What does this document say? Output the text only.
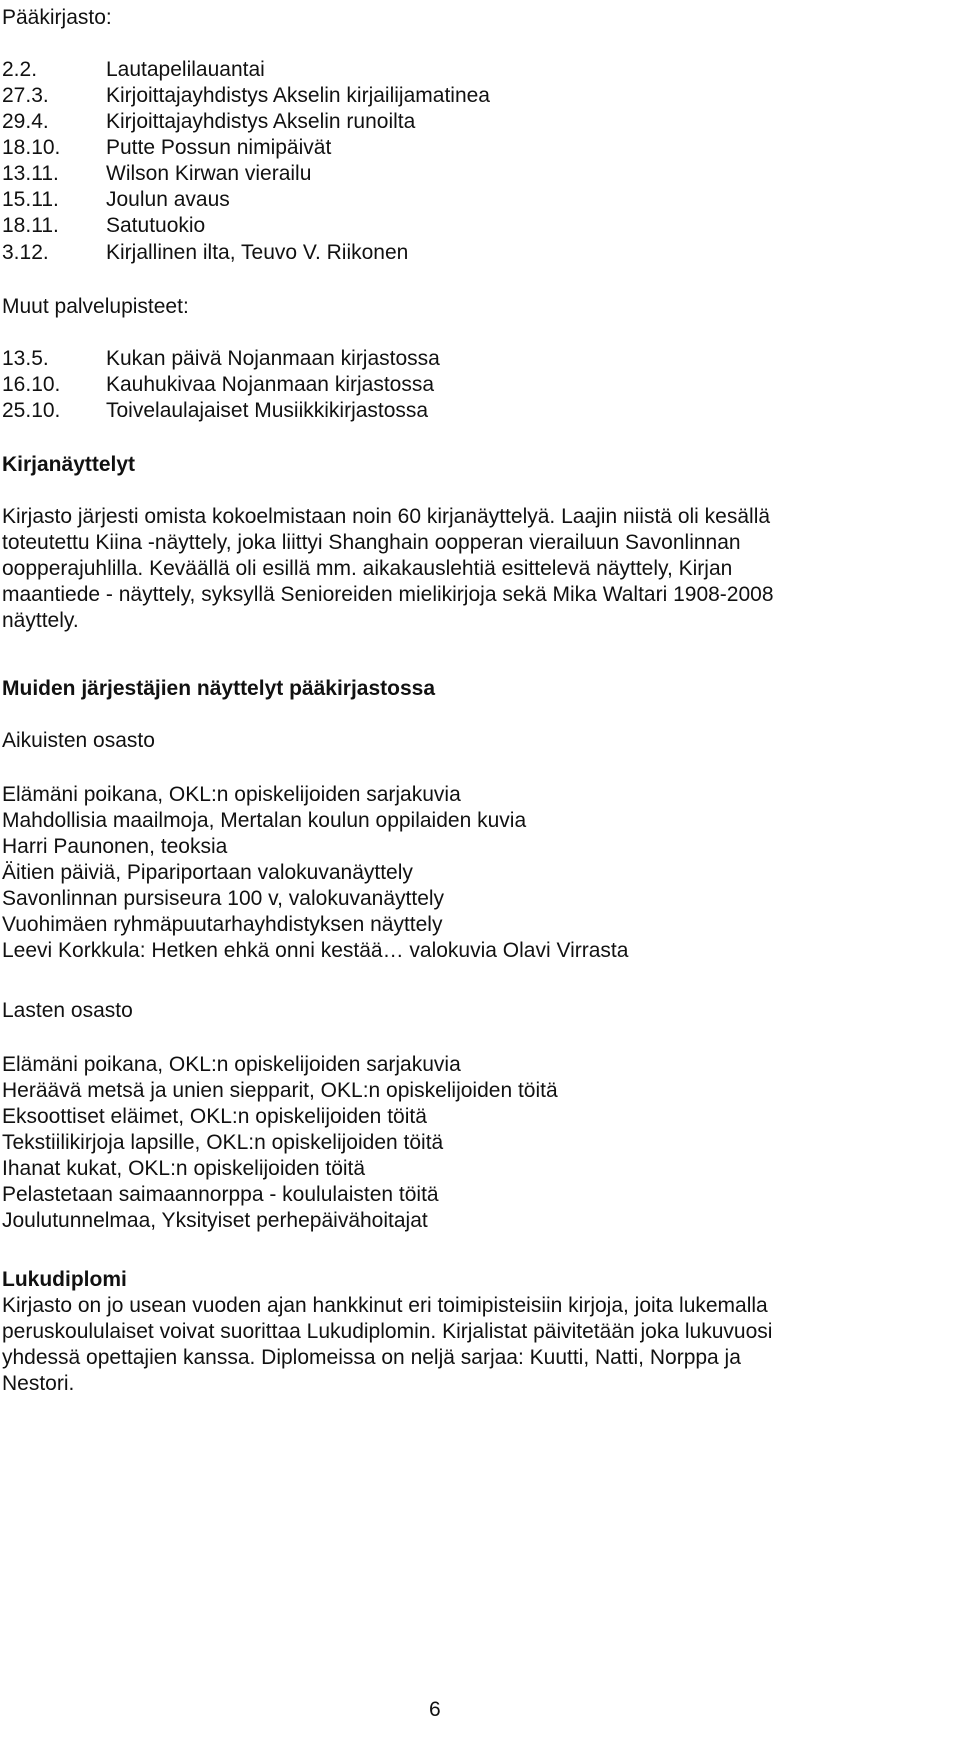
Pääkirjasto:
2.2.	Lautapelilauantai
27.3.	Kirjoittajayhdistys Akselin kirjailijamatinea
29.4.	Kirjoittajayhdistys Akselin runoilta
18.10. Putte Possun nimipäivät
13.11. Wilson Kirwan vierailu
15.11. Joulun avaus
18.11. Satutuokio
3.12.	Kirjallinen ilta, Teuvo V. Riikonen
Muut palvelupisteet:
13.5.	Kukan päivä Nojanmaan kirjastossa
16.10. Kauhukivaa Nojanmaan kirjastossa
25.10. Toivelaulajaiset Musiikkikirjastossa
Kirjanäyttelyt
Kirjasto järjesti omista kokoelmistaan noin 60 kirjanäyttelyä. Laajin niistä oli kesällä
toteutettu Kiina -näyttely, joka liittyi Shanghain oopperan vierailuun Savonlinnan
oopperajuhlilla. Keväällä oli esillä mm. aikakauslehtiä esittelevä näyttely, Kirjan
maantiede - näyttely, syksyllä Senioreiden mielikirjoja sekä Mika Waltari 1908-2008
näyttely.
Muiden järjestäjien näyttelyt pääkirjastossa
Aikuisten osasto
Elämäni poikana, OKL:n opiskelijoiden sarjakuvia
Mahdollisia maailmoja, Mertalan koulun oppilaiden kuvia
Harri Paunonen, teoksia
Äitien päiviä, Pipariportaan valokuvanäyttely
Savonlinnan pursiseura 100 v, valokuvanäyttely
Vuohimäen ryhmäpuutarhayhdistyksen näyttely
Leevi Korkkula: Hetken ehkä onni kestää… valokuvia Olavi Virrasta
Lasten osasto
Elämäni poikana, OKL:n opiskelijoiden sarjakuvia
Heräävä metsä ja unien siepparit, OKL:n opiskelijoiden töitä
Eksoottiset eläimet, OKL:n opiskelijoiden töitä
Tekstiilikirjoja lapsille, OKL:n opiskelijoiden töitä
Ihanat kukat, OKL:n opiskelijoiden töitä
Pelastetaan saimaannorppa - koululaisten töitä
Joulutunnelmaa, Yksityiset perhepäivähoitajat
Lukudiplomi
Kirjasto on jo usean vuoden ajan hankkinut eri toimipisteisiin kirjoja, joita lukemalla
peruskoululaiset voivat suorittaa Lukudiplomin. Kirjalistat päivitetään joka lukuvuosi
yhdessä opettajien kanssa. Diplomeissa on neljä sarjaa: Kuutti, Natti, Norppa ja
Nestori.
6
